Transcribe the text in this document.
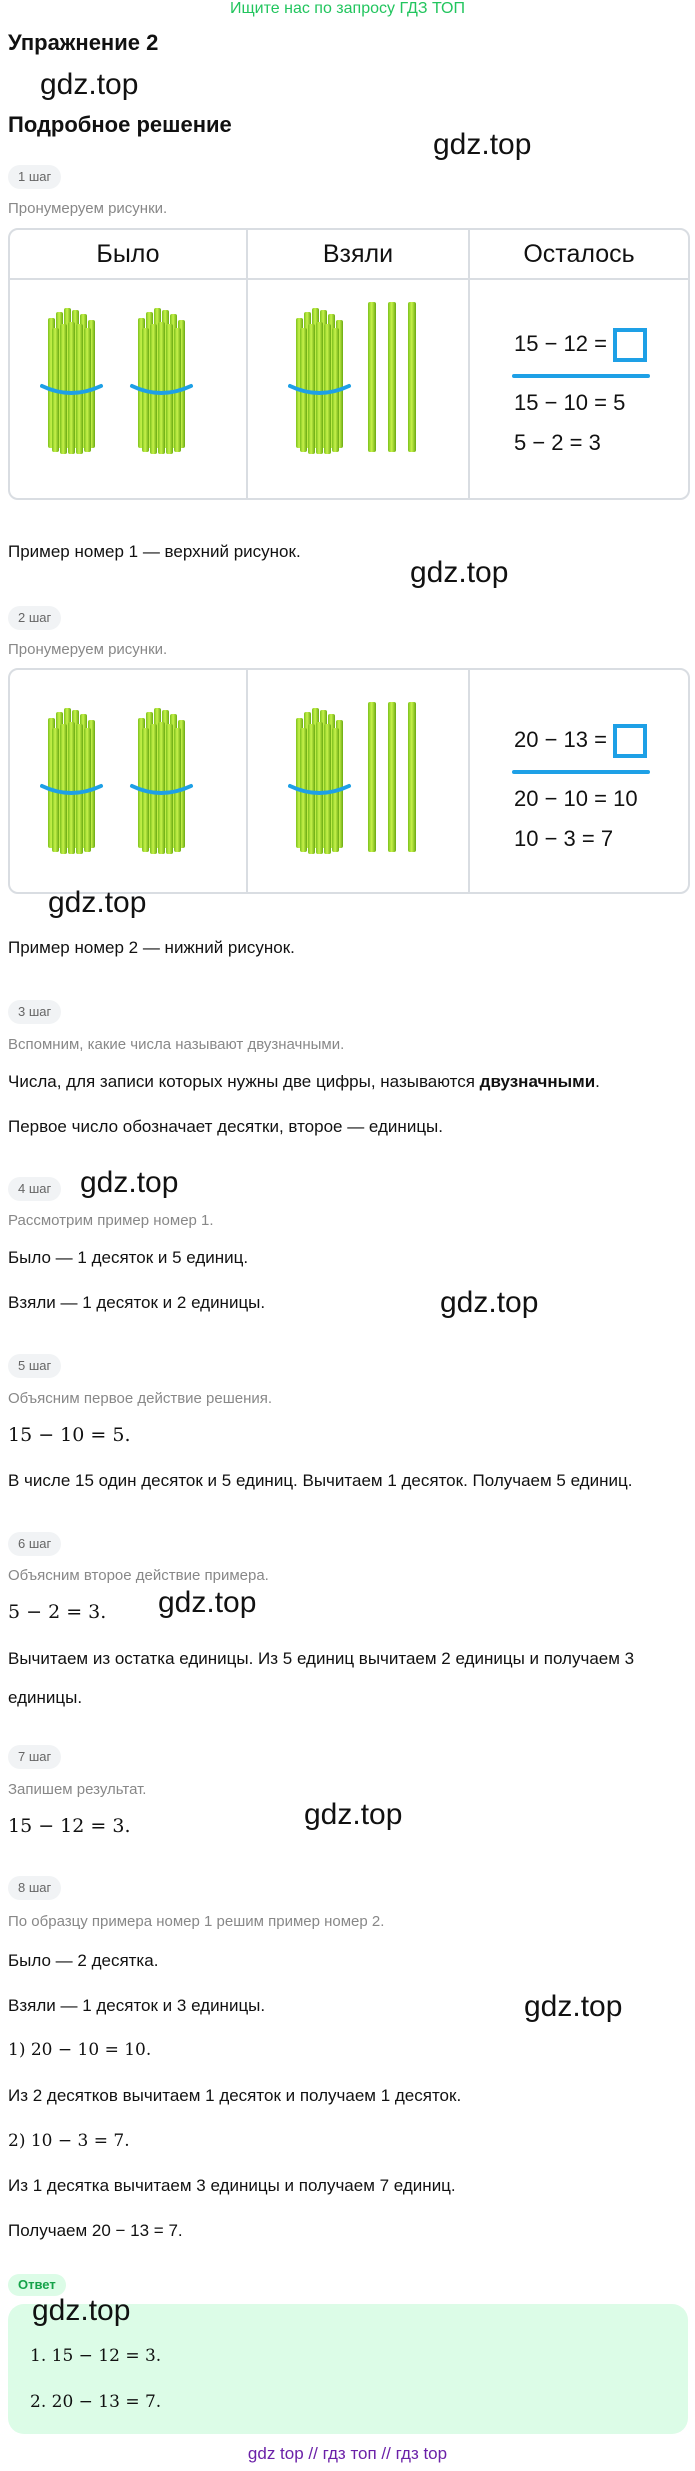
Ищите нас по запросу ГДЗ ТОП
Упражнение 2
gdz.top
Подробное решение
gdz.top
1 шаг
Пронумеруем рисунки.
Было	Взяли	Осталось
15 − 12 =
15 − 10 = 5
5 − 2 = 3
Пример номер 1 — верхний рисунок.
gdz.top
2 шаг
Пронумеруем рисунки.
20 − 13 =
20 − 10 = 10
10 − 3 = 7
gdz.top
Пример номер 2 — нижний рисунок.
3 шаг
Вспомним, какие числа называют двузначными.
Числа, для записи которых нужны две цифры, называются двузначными.
Первое число обозначает десятки, второе — единицы.
4 шаг gdz.top
Рассмотрим пример номер 1.
Было — 1 десяток и 5 единиц.
Взяли — 1 десяток и 2 единицы.	gdz.top
5 шаг
Объясним первое действие решения.
15 − 10 = 5.
В числе 15 один десяток и 5 единиц. Вычитаем 1 десяток. Получаем 5 единиц.
6 шаг
Объясним второе действие примера.
5 − 2 = 3. gdz.top
Вычитаем из остатка единицы. Из 5 единиц вычитаем 2 единицы и получаем 3
единицы.
7 шаг
Запишем результат.
gdz.top
15 − 12 = 3.
8 шаг
По образцу примера номер 1 решим пример номер 2.
Было — 2 десятка.
Взяли — 1 десяток и 3 единицы.	gdz.top
1) 20 − 10 = 10.
Из 2 десятков вычитаем 1 десяток и получаем 1 десяток.
2) 10 − 3 = 7.
Из 1 десятка вычитаем 3 единицы и получаем 7 единиц.
Получаем 20 − 13 = 7.
Ответ
gdz.top
1. 15 − 12 = 3.
2. 20 − 13 = 7.
gdz top // гдз топ // гдз top
